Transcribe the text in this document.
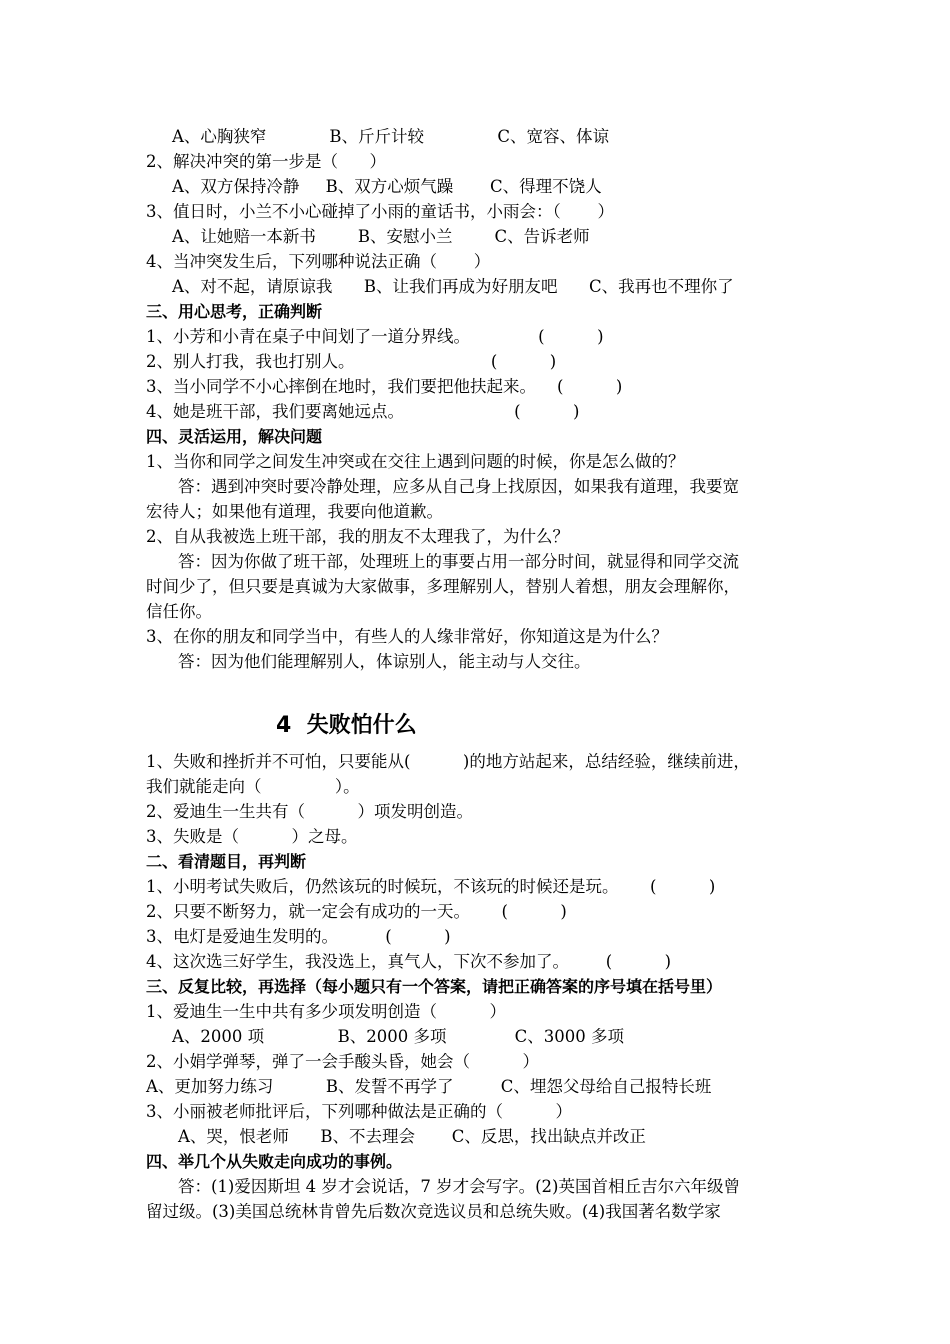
A、心胸狭窄            B、斤斤计较              C、宽容、体谅

2、解决冲突的第一步是（      ）

A、双方保持冷静     B、双方心烦气躁       C、得理不饶人

3、值日时，小兰不小心碰掉了小雨的童话书，小雨会：（       ）

A、让她赔一本新书        B、安慰小兰        C、告诉老师

4、当冲突发生后，下列哪种说法正确（       ）

A、对不起，请原谅我      B、让我们再成为好朋友吧      C、我再也不理你了

三、用心思考，正确判断

1、小芳和小青在桌子中间划了一道分界线。             (          )

2、别人打我，我也打别人。                          (          )

3、当小同学不小心摔倒在地时，我们要把他扶起来。    (          )

4、她是班干部，我们要离她远点。                     (          )

四、灵活运用，解决问题

1、当你和同学之间发生冲突或在交往上遇到问题的时候，你是怎么做的？

答：遇到冲突时要冷静处理，应多从自己身上找原因，如果我有道理，我要宽

宏待人；如果他有道理，我要向他道歉。

2、自从我被选上班干部，我的朋友不太理我了，为什么？

答：因为你做了班干部，处理班上的事要占用一部分时间，就显得和同学交流

时间少了，但只要是真诚为大家做事，多理解别人，替别人着想，朋友会理解你，

信任你。

3、在你的朋友和同学当中，有些人的人缘非常好，你知道这是为什么？

答：因为他们能理解别人，体谅别人，能主动与人交往。

4  失败怕什么

1、失败和挫折并不可怕，只要能从(          )的地方站起来，总结经验，继续前进，

我们就能走向（              ）。

2、爱迪生一生共有（          ）项发明创造。

3、失败是（          ）之母。

二、看清题目，再判断

1、小明考试失败后，仍然该玩的时候玩，不该玩的时候还是玩。      (          )

2、只要不断努力，就一定会有成功的一天。      (          )

3、电灯是爱迪生发明的。         (          )

4、这次选三好学生，我没选上，真气人，下次不参加了。       (          )

三、反复比较，再选择（每小题只有一个答案，请把正确答案的序号填在括号里）

1、爱迪生一生中共有多少项发明创造（          ）

A、2000 项              B、2000 多项             C、3000 多项

2、小娟学弹琴，弹了一会手酸头昏，她会（          ）

A、更加努力练习          B、发誓不再学了         C、埋怨父母给自己报特长班

3、小丽被老师批评后，下列哪种做法是正确的（          ）

A、哭，恨老师      B、不去理会       C、反思，找出缺点并改正

四、举几个从失败走向成功的事例。

答：(1)爱因斯坦 4 岁才会说话，7 岁才会写字。(2)英国首相丘吉尔六年级曾

留过级。(3)美国总统林肯曾先后数次竞选议员和总统失败。(4)我国著名数学家
